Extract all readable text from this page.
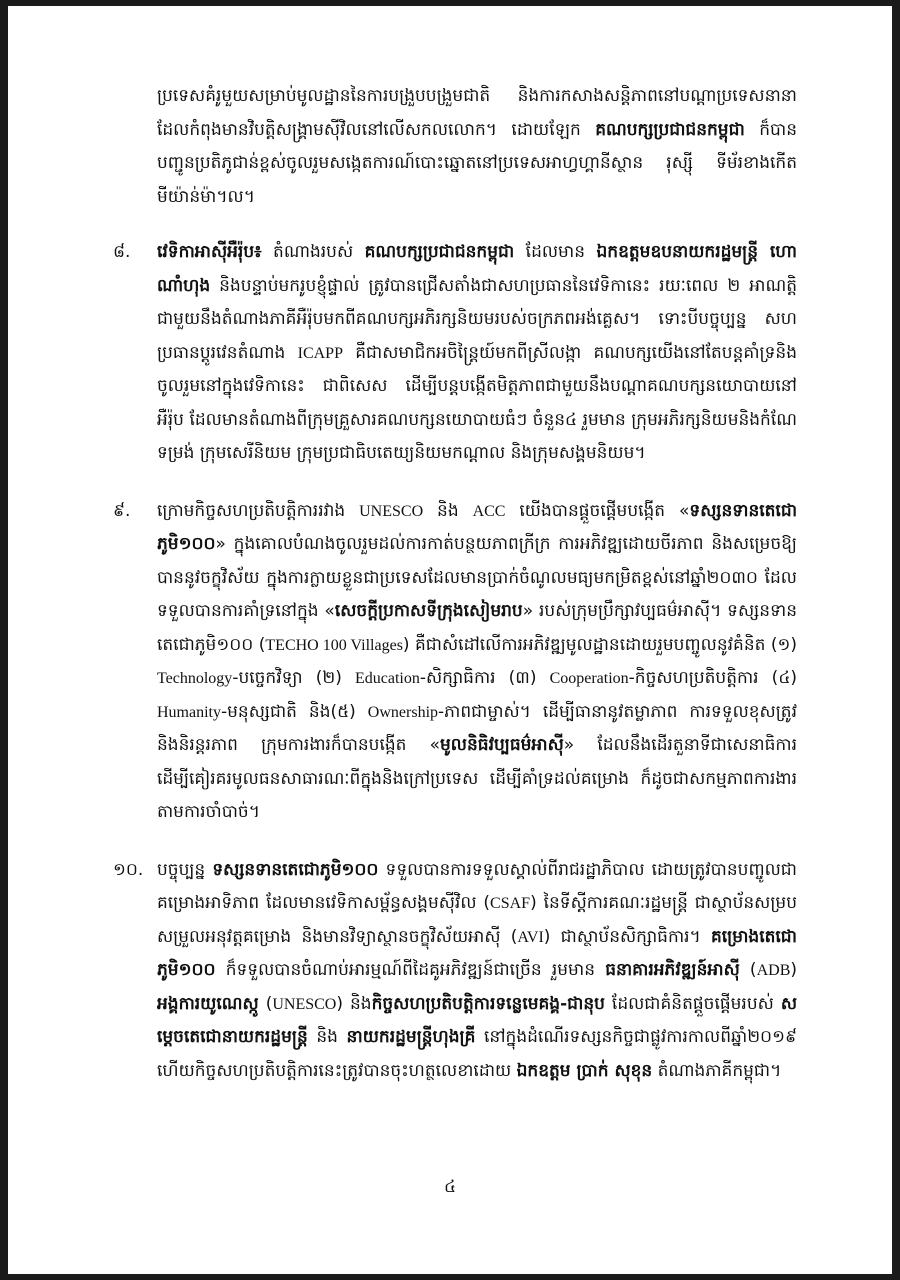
ប្រទេសគំរូមួយសម្រាប់មូលដ្ឋាននៃការបង្រួបបង្រួមជាតិ និងការកសាងសន្តិភាពនៅបណ្តាប្រទេសនានាដែលកំពុងមានវិបត្តិសង្គ្រាមស៊ីវិលនៅលើសកលលោក។ ដោយឡែក គណបក្សប្រជាជនកម្ពុជា ក៏បានបញ្ជូនប្រតិភូជាន់ខ្ពស់ចូលរួមសង្កេតការណ៍បោះឆ្នោតនៅប្រទេសអាហ្វហ្គានីស្ថាន រុស្ស៊ី ទីម័រខាងកើត មីយ៉ាន់ម៉ា។ល។

៨.	វេទិកាអាស៊ីអឺរ៉ុប៖ តំណាងរបស់ គណបក្សប្រជាជនកម្ពុជា ដែលមាន ឯកឧត្តមឧបនាយករដ្ឋមន្ត្រី ហោ ណាំហុង និងបន្ទាប់មករូបខ្ញុំផ្ទាល់ ត្រូវបានជ្រើសតាំងជាសហប្រធាននៃវេទិកានេះ រយៈពេល ២ អាណត្តិ ជាមួយនឹងតំណាងភាគីអឺរ៉ុបមកពីគណបក្សអភិរក្សនិយមរបស់ចក្រភពអង់គ្លេស។ ទោះបីបច្ចុប្បន្ន សហប្រធានប្តូរវេនតំណាង ICAPP គឺជាសមាជិកអចិន្ត្រៃយ៍មកពីស្រីលង្កា គណបក្សយើងនៅតែបន្តគាំទ្រនិងចូលរួមនៅក្នុងវេទិកានេះ ជាពិសេស ដើម្បីបន្តបង្កើតមិត្តភាពជាមួយនឹងបណ្តាគណបក្សនយោបាយនៅអឺរ៉ុប ដែលមានតំណាងពីក្រុមគ្រួសារគណបក្សនយោបាយធំៗ ចំនួន៤ រួមមាន ក្រុមអភិរក្សនិយមនិងកំណែទម្រង់ ក្រុមសេរីនិយម ក្រុមប្រជាធិបតេយ្យនិយមកណ្តាល និងក្រុមសង្គមនិយម។

៩.	ក្រោមកិច្ចសហប្រតិបត្តិការរវាង UNESCO និង ACC យើងបានផ្តួចផ្តើមបង្កើត «ទស្សនទានតេជោភូមិ១០០» ក្នុងគោលបំណងចូលរួមដល់ការកាត់បន្ថយភាពក្រីក្រ ការអភិវឌ្ឍដោយចីរភាព និងសម្រេចឱ្យបាននូវចក្ខុវិស័យ ក្នុងការក្លាយខ្លួនជាប្រទេសដែលមានប្រាក់ចំណូលមធ្យមកម្រិតខ្ពស់នៅឆ្នាំ២០៣០ ដែលទទួលបានការគាំទ្រនៅក្នុង «សេចក្តីប្រកាសទីក្រុងសៀមរាប» របស់ក្រុមប្រឹក្សាវប្បធម៌អាស៊ី។ ទស្សនទានតេជោភូមិ១០០ (TECHO 100 Villages) គឺជាសំដៅលើការអភិវឌ្ឍមូលដ្ឋានដោយរួមបញ្ចូលនូវគំនិត (១) Technology-បច្ចេកវិទ្យា (២) Education-សិក្សាធិការ (៣) Cooperation-កិច្ចសហប្រតិបត្តិការ (៤) Humanity-មនុស្សជាតិ និង(៥) Ownership-ភាពជាម្ចាស់។ ដើម្បីធានានូវតម្លាភាព ការទទួលខុសត្រូវ និងនិរន្តរភាព ក្រុមការងារក៏បានបង្កើត «មូលនិធិវប្បធម៌អាស៊ី» ដែលនឹងដើរតួនាទីជាសេនាធិការដើម្បីគៀរគរមូលធនសាធារណៈពីក្នុងនិងក្រៅប្រទេស ដើម្បីគាំទ្រដល់គម្រោង ក៏ដូចជាសកម្មភាពការងារតាមការចាំបាច់។

១០. បច្ចុប្បន្ន ទស្សនទានតេជោភូមិ១០០ ទទួលបានការទទួលស្គាល់ពីរាជរដ្ឋាភិបាល ដោយត្រូវបានបញ្ចូលជាគម្រោងអាទិភាព ដែលមានវេទិកាសម្ព័ន្ធសង្គមស៊ីវិល (CSAF) នៃទីស្តីការគណៈរដ្ឋមន្ត្រី ជាស្ថាប័នសម្របសម្រួលអនុវត្តគម្រោង និងមានវិទ្យាស្ថានចក្ខុវិស័យអាស៊ី (AVI) ជាស្ថាប័នសិក្សាធិការ។ គម្រោងតេជោភូមិ១០០ ក៏ទទួលបានចំណាប់អារម្មណ៍ពីដៃគូអភិវឌ្ឍន៍ជាច្រើន រួមមាន ធនាគារអភិវឌ្ឍន៍អាស៊ី (ADB) អង្គការយូណេស្កូ (UNESCO) និងកិច្ចសហប្រតិបត្តិការទន្លេមេគង្គ-ជានុប ដែលជាគំនិតផ្តួចផ្តើមរបស់ សម្តេចតេជោនាយករដ្ឋមន្ត្រី និង នាយករដ្ឋមន្ត្រីហុងគ្រី នៅក្នុងដំណើរទស្សនកិច្ចជាផ្លូវការកាលពីឆ្នាំ២០១៩ ហើយកិច្ចសហប្រតិបត្តិការនេះត្រូវបានចុះហត្ថលេខាដោយ ឯកឧត្តម ប្រាក់ សុខុន តំណាងភាគីកម្ពុជា។

៤
